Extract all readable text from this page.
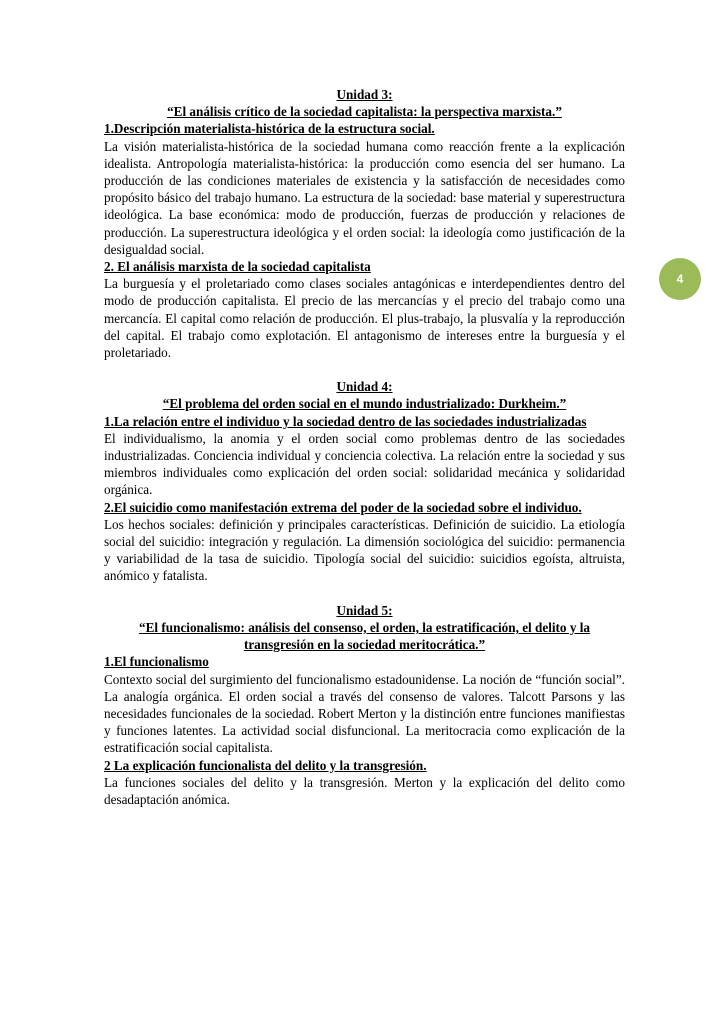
Unidad 3:
“El análisis crítico de la sociedad capitalista: la perspectiva marxista.”
1.Descripción materialista-histórica de la estructura social.

La visión materialista-histórica de la sociedad humana como reacción frente a la explicación idealista. Antropología materialista-histórica: la producción como esencia del ser humano. La producción de las condiciones materiales de existencia y la satisfacción de necesidades como propósito básico del trabajo humano. La estructura de la sociedad: base material y superestructura ideológica. La base económica: modo de producción, fuerzas de producción y relaciones de producción. La superestructura ideológica y el orden social: la ideología como justificación de la desigualdad social.

2. El análisis marxista de la sociedad capitalista

La burguesía y el proletariado como clases sociales antagónicas e interdependientes dentro del modo de producción capitalista. El precio de las mercancías y el precio del trabajo como una mercancía. El capital como relación de producción. El plus-trabajo, la plusvalía y la reproducción del capital. El trabajo como explotación. El antagonismo de intereses entre la burguesía y el proletariado.

Unidad 4:
“El problema del orden social en el mundo industrializado: Durkheim.”

1.La relación entre el individuo y la sociedad dentro de las sociedades industrializadas

El individualismo, la anomia y el orden social como problemas dentro de las sociedades industrializadas. Conciencia individual y conciencia colectiva. La relación entre la sociedad y sus miembros individuales como explicación del orden social: solidaridad mecánica y solidaridad orgánica.

2.El suicidio como manifestación extrema del poder de la sociedad sobre el individuo.

Los hechos sociales: definición y principales características. Definición de suicidio. La etiología social del suicidio: integración y regulación. La dimensión sociológica del suicidio: permanencia y variabilidad de la tasa de suicidio. Tipología social del suicidio: suicidios egoísta, altruista, anómico y fatalista.

Unidad 5:
“El funcionalismo: análisis del consenso, el orden, la estratificación, el delito y la
transgresión en la sociedad meritocrática.”
1.El funcionalismo

Contexto social del surgimiento del funcionalismo estadounidense. La noción de “función social”. La analogía orgánica. El orden social a través del consenso de valores. Talcott Parsons y las necesidades funcionales de la sociedad. Robert Merton y la distinción entre funciones manifiestas y funciones latentes. La actividad social disfuncional. La meritocracia como explicación de la estratificación social capitalista.

2 La explicación funcionalista del delito y la transgresión.

La funciones sociales del delito y la transgresión. Merton y la explicación del delito como desadaptación anómica.

4
